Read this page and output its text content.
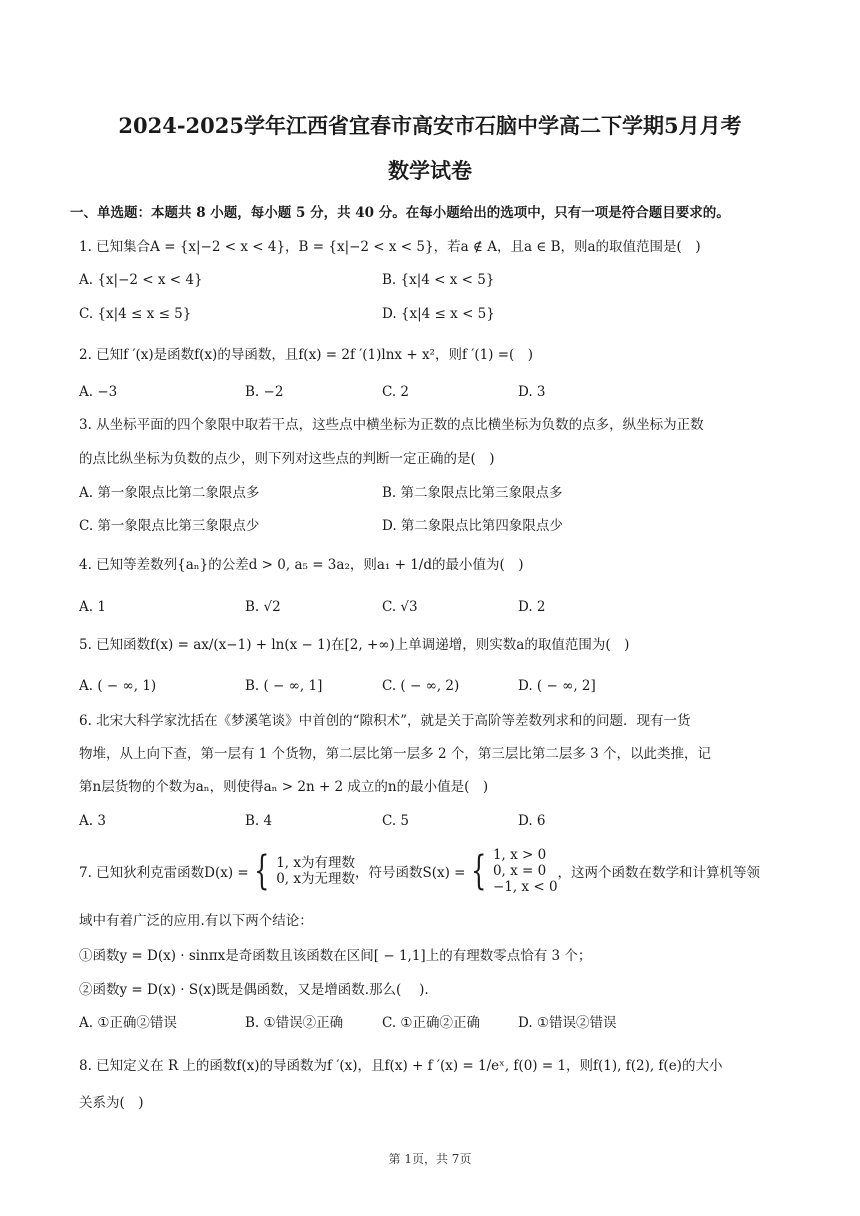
2024-2025学年江西省宜春市高安市石脑中学高二下学期5月月考
数学试卷
一、单选题：本题共 8 小题，每小题 5 分，共 40 分。在每小题给出的选项中，只有一项是符合题目要求的。
1. 已知集合A = {x|−2 < x < 4}，B = {x|−2 < x < 5}，若a ∉ A，且a ∈ B，则a的取值范围是(　)
A. {x|−2 < x < 4}	B. {x|4 < x < 5}
C. {x|4 ≤ x ≤ 5}	D. {x|4 ≤ x < 5}
2. 已知f ′(x)是函数f(x)的导函数，且f(x) = 2f ′(1)lnx + x²，则f ′(1) =(　)
A. −3	B. −2	C. 2	D. 3
3. 从坐标平面的四个象限中取若干点，这些点中横坐标为正数的点比横坐标为负数的点多，纵坐标为正数
的点比纵坐标为负数的点少，则下列对这些点的判断一定正确的是(　)
A. 第一象限点比第二象限点多	B. 第二象限点比第三象限点多
C. 第一象限点比第三象限点少	D. 第二象限点比第四象限点少
4. 已知等差数列{aₙ}的公差d > 0, a₅ = 3a₂，则a₁ + 1/d的最小值为(　)
A. 1	B. √2	C. √3	D. 2
5. 已知函数f(x) = ax/(x−1) + ln(x − 1)在[2, +∞)上单调递增，则实数a的取值范围为(　)
A. ( − ∞, 1)	B. ( − ∞, 1]	C. ( − ∞, 2)	D. ( − ∞, 2]
6. 北宋大科学家沈括在《梦溪笔谈》中首创的“隙积术”，就是关于高阶等差数列求和的问题．现有一货
物堆，从上向下查，第一层有 1 个货物，第二层比第一层多 2 个，第三层比第二层多 3 个，以此类推，记
第n层货物的个数为aₙ，则使得aₙ > 2n + 2 成立的n的最小值是(　)
A. 3	B. 4	C. 5	D. 6
7. 已知狄利克雷函数D(x) = { 1, x为有理数
0, x为无理数 ，符号函数S(x) = { 1, x > 0
0, x = 0
−1, x < 0
，这两个函数在数学和计算机等领
域中有着广泛的应用.有以下两个结论：
①函数y = D(x) · sinπx是奇函数且该函数在区间[ − 1,1]上的有理数零点恰有 3 个；
②函数y = D(x) · S(x)既是偶函数，又是增函数.那么(　 ).
A. ①正确②错误	B. ①错误②正确	C. ①正确②正确	D. ①错误②错误
8. 已知定义在 R 上的函数f(x)的导函数为f ′(x)，且f(x) + f ′(x) = 1/eˣ, f(0) = 1，则f(1), f(2), f(e)的大小
关系为(　)
第 1页，共 7页
